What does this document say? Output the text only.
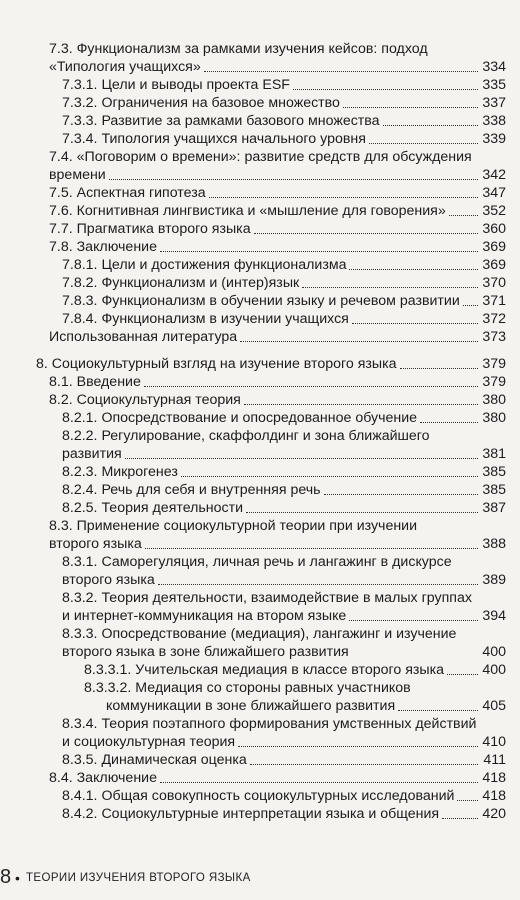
7.3. Функционализм за рамками изучения кейсов: подход
«Типология учащихся»	334
7.3.1. Цели и выводы проекта ESF	335
7.3.2. Ограничения на базовое множество	337
7.3.3. Развитие за рамками базового множества	338
7.3.4. Типология учащихся начального уровня	339
7.4. «Поговорим о времени»: развитие средств для обсуждения
времени	342
7.5. Аспектная гипотеза	347
7.6. Когнитивная лингвистика и «мышление для говорения»	352
7.7. Прагматика второго языка	360
7.8. Заключение	369
7.8.1. Цели и достижения функционализма	369
7.8.2. Функционализм и (интер)язык	370
7.8.3. Функционализм в обучении языку и речевом развитии	371
7.8.4. Функционализм в изучении учащихся	372
Использованная литература	373
8. Социокультурный взгляд на изучение второго языка	379
8.1. Введение	379
8.2. Социокультурная теория	380
8.2.1. Опосредствование и опосредованное обучение	380
8.2.2. Регулирование, скаффолдинг и зона ближайшего
развития	381
8.2.3. Микрогенез	385
8.2.4. Речь для себя и внутренняя речь	385
8.2.5. Теория деятельности	387
8.3. Применение социокультурной теории при изучении
второго языка	388
8.3.1. Саморегуляция, личная речь и лангажинг в дискурсе
второго языка	389
8.3.2. Теория деятельности, взаимодействие в малых группах
и интернет-коммуникация на втором языке	394
8.3.3. Опосредствование (медиация), лангажинг и изучение
второго языка в зоне ближайшего развития	400
8.3.3.1. Учительская медиация в классе второго языка	400
8.3.3.2. Медиация со стороны равных участников
коммуникации в зоне ближайшего развития	405
8.3.4. Теория поэтапного формирования умственных действий
и социокультурная теория	410
8.3.5. Динамическая оценка	411
8.4. Заключение	418
8.4.1. Общая совокупность социокультурных исследований	418
8.4.2. Социокультурные интерпретации языка и общения	420
8 • ТЕОРИИ ИЗУЧЕНИЯ ВТОРОГО ЯЗЫКА
